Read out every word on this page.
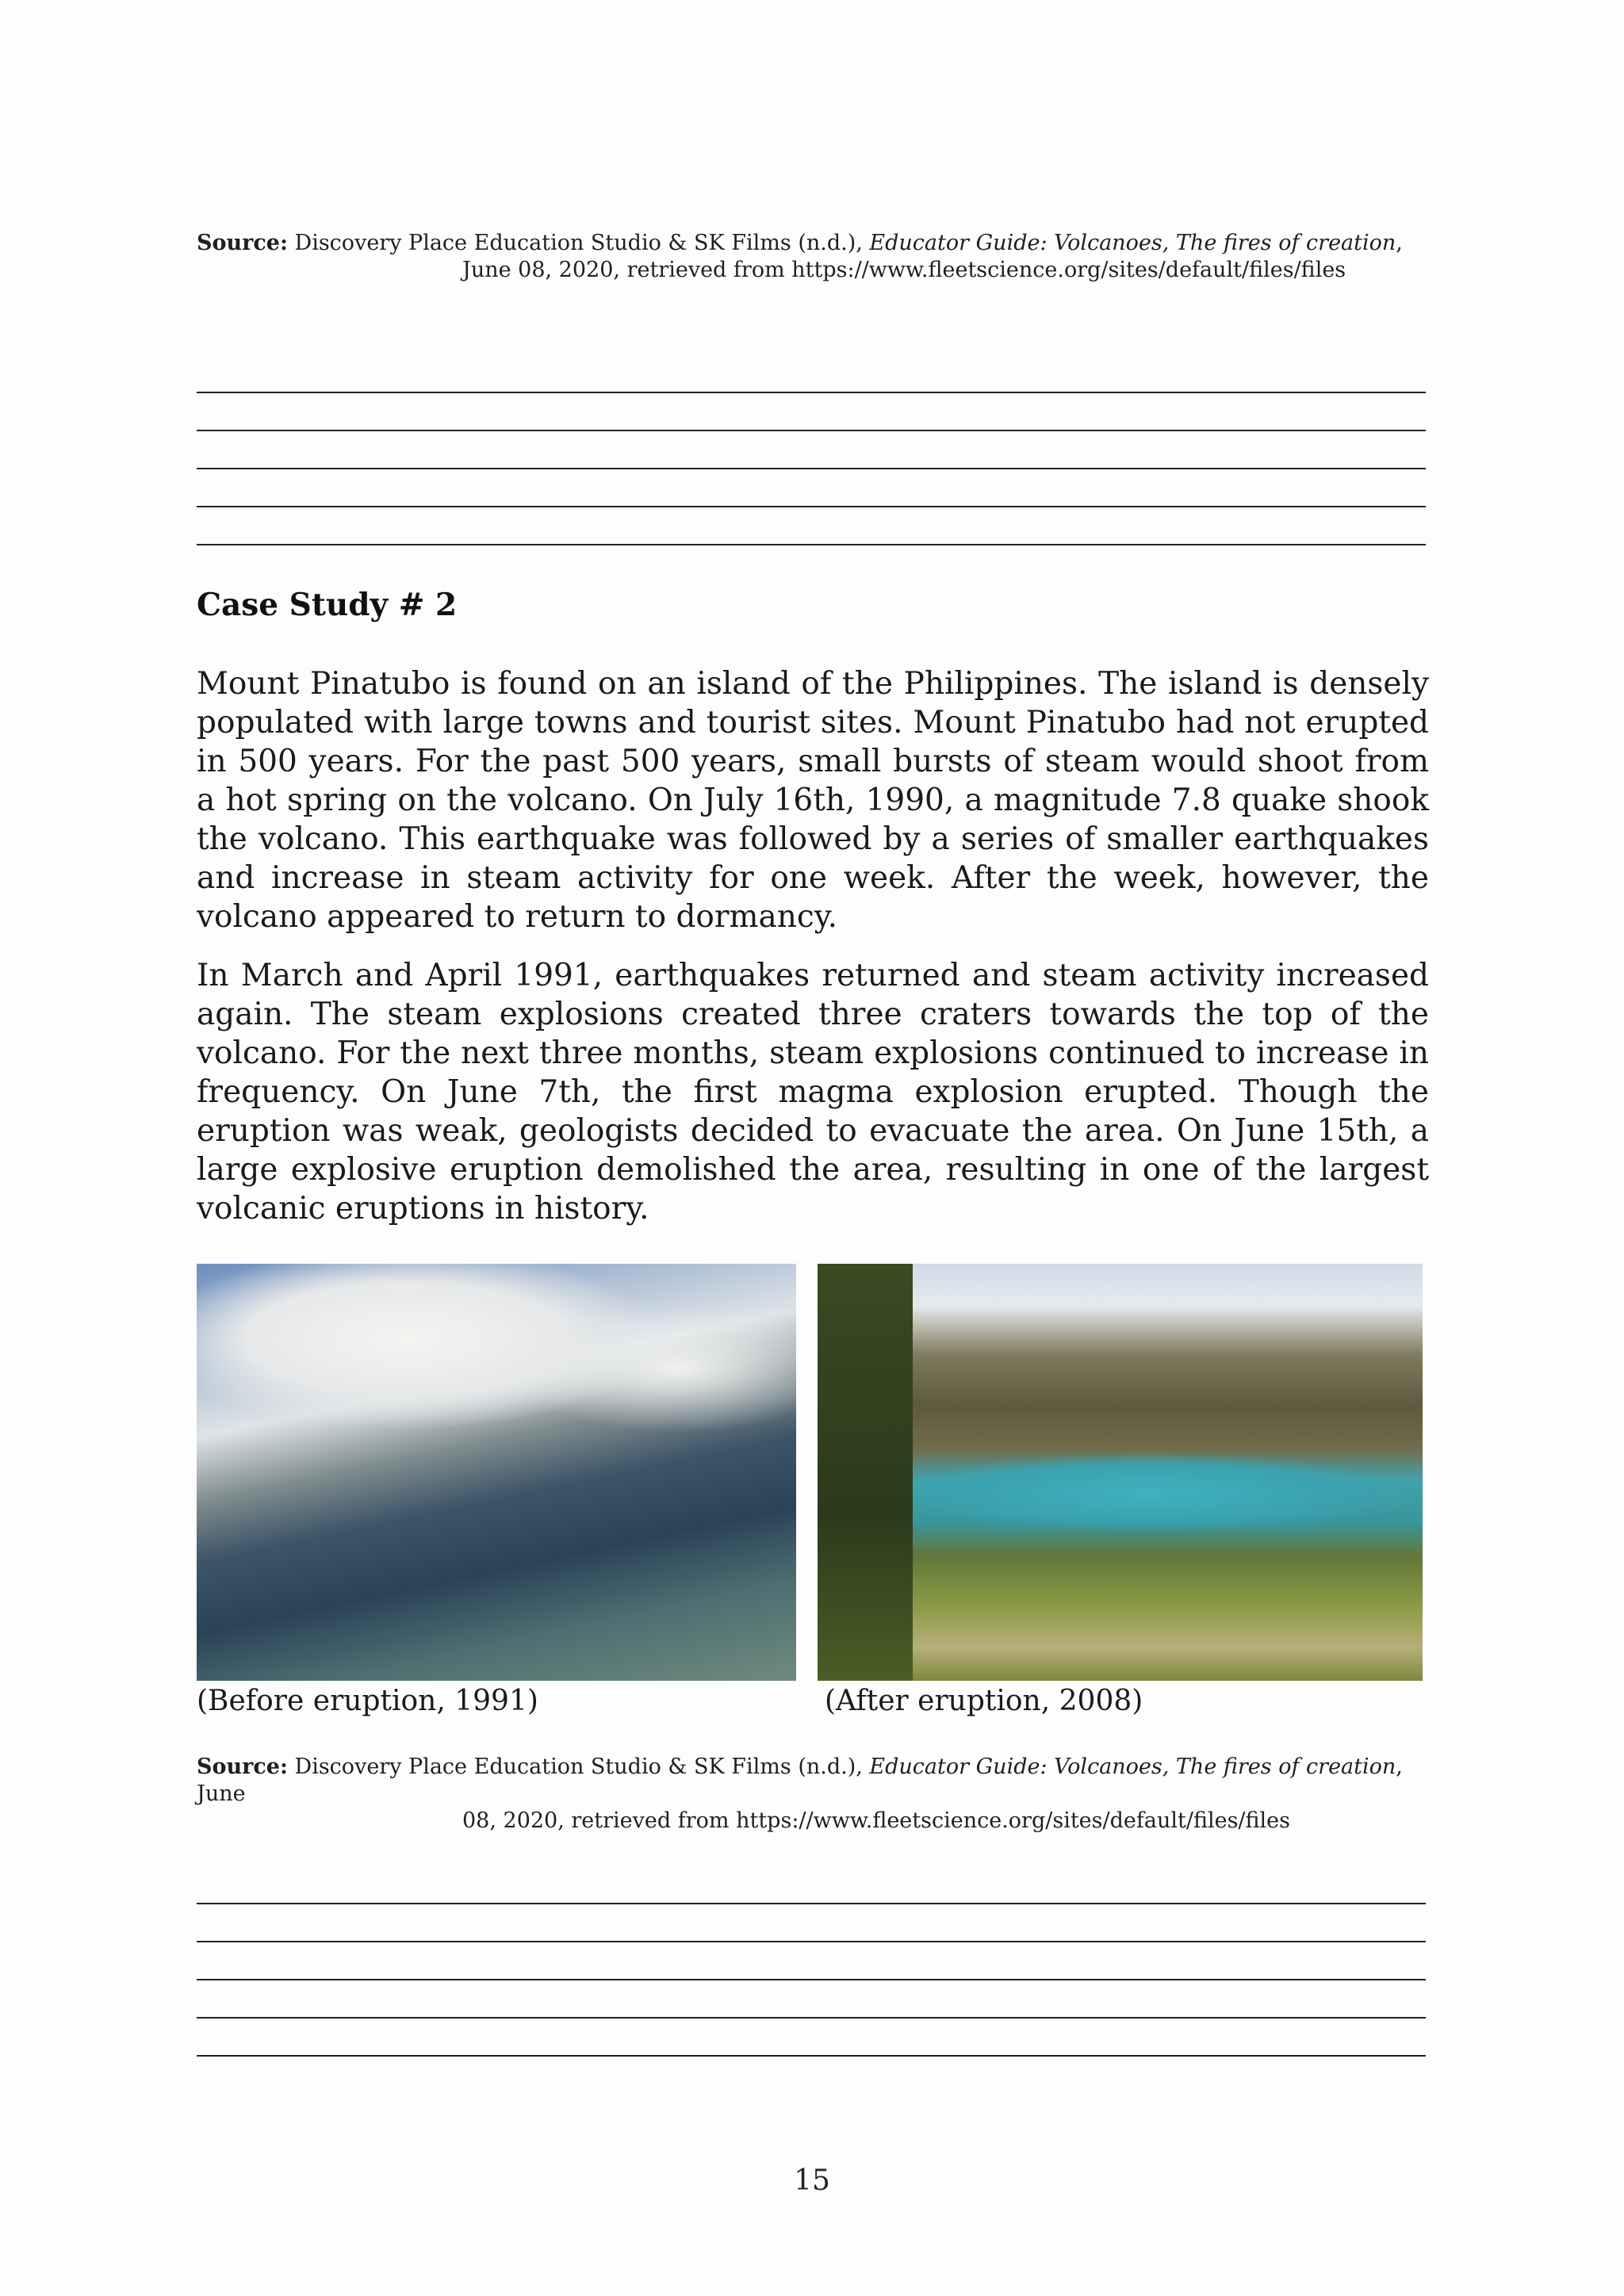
Source: Discovery Place Education Studio & SK Films (n.d.), Educator Guide: Volcanoes, The fires of creation,
June 08, 2020, retrieved from https://www.fleetscience.org/sites/default/files/files
Case Study # 2

Mount Pinatubo is found on an island of the Philippines. The island is densely populated with large towns and tourist sites. Mount Pinatubo had not erupted in 500 years. For the past 500 years, small bursts of steam would shoot from a hot spring on the volcano. On July 16th, 1990, a magnitude 7.8 quake shook the volcano. This earthquake was followed by a series of smaller earthquakes and increase in steam activity for one week. After the week, however, the volcano appeared to return to dormancy.

In March and April 1991, earthquakes returned and steam activity increased again. The steam explosions created three craters towards the top of the volcano. For the next three months, steam explosions continued to increase in frequency. On June 7th, the first magma explosion erupted. Though the eruption was weak, geologists decided to evacuate the area. On June 15th, a large explosive eruption demolished the area, resulting in one of the largest volcanic eruptions in history.

(Before eruption, 1991)	(After eruption, 2008)

Source: Discovery Place Education Studio & SK Films (n.d.), Educator Guide: Volcanoes, The fires of creation, June
08, 2020, retrieved from https://www.fleetscience.org/sites/default/files/files
15
